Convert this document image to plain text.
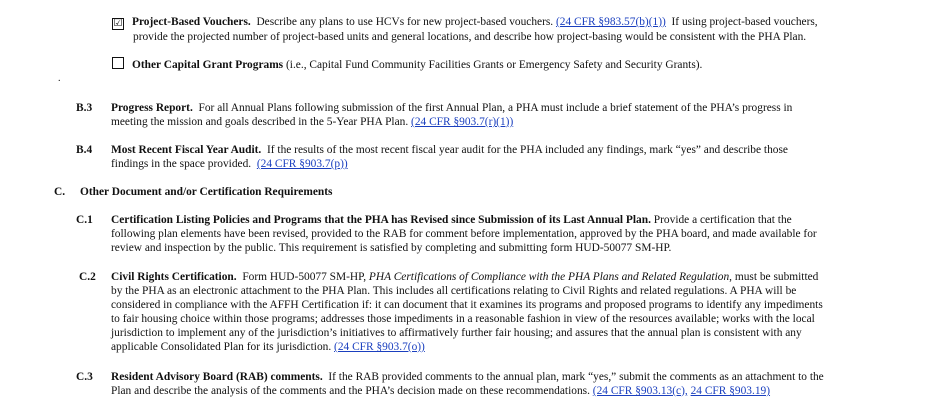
☑ Project-Based Vouchers. Describe any plans to use HCVs for new project-based vouchers. (24 CFR §983.57(b)(1)) If using project-based vouchers,
provide the projected number of project-based units and general locations, and describe how project-basing would be consistent with the PHA Plan.
Other Capital Grant Programs (i.e., Capital Fund Community Facilities Grants or Emergency Safety and Security Grants).
.
B.3 Progress Report. For all Annual Plans following submission of the first Annual Plan, a PHA must include a brief statement of the PHA’s progress in
meeting the mission and goals described in the 5-Year PHA Plan. (24 CFR §903.7(r)(1))
B.4 Most Recent Fiscal Year Audit. If the results of the most recent fiscal year audit for the PHA included any findings, mark “yes” and describe those
findings in the space provided. (24 CFR §903.7(p))
C. Other Document and/or Certification Requirements
C.1 Certification Listing Policies and Programs that the PHA has Revised since Submission of its Last Annual Plan. Provide a certification that the
following plan elements have been revised, provided to the RAB for comment before implementation, approved by the PHA board, and made available for
review and inspection by the public. This requirement is satisfied by completing and submitting form HUD-50077 SM-HP.
C.2 Civil Rights Certification. Form HUD-50077 SM-HP, PHA Certifications of Compliance with the PHA Plans and Related Regulation, must be submitted
by the PHA as an electronic attachment to the PHA Plan. This includes all certifications relating to Civil Rights and related regulations. A PHA will be
considered in compliance with the AFFH Certification if: it can document that it examines its programs and proposed programs to identify any impediments
to fair housing choice within those programs; addresses those impediments in a reasonable fashion in view of the resources available; works with the local
jurisdiction to implement any of the jurisdiction’s initiatives to affirmatively further fair housing; and assures that the annual plan is consistent with any
applicable Consolidated Plan for its jurisdiction. (24 CFR §903.7(o))
C.3 Resident Advisory Board (RAB) comments. If the RAB provided comments to the annual plan, mark “yes,” submit the comments as an attachment to the
Plan and describe the analysis of the comments and the PHA’s decision made on these recommendations. (24 CFR §903.13(c), 24 CFR §903.19)
